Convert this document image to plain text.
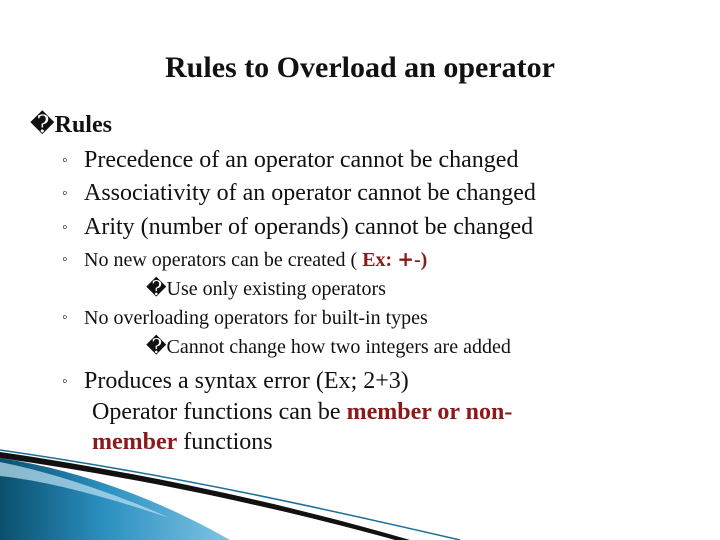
Rules to Overload an operator
�Rules
◦ Precedence of an operator cannot be changed
◦ Associativity of an operator cannot be changed
◦ Arity (number of operands) cannot be changed
◦ No new operators can be created ( Ex: +-)
�Use only existing operators
◦ No overloading operators for built-in types
�Cannot change how two integers are added
◦ Produces a syntax error (Ex; 2+3)
Operator functions can be member or non-
member functions
